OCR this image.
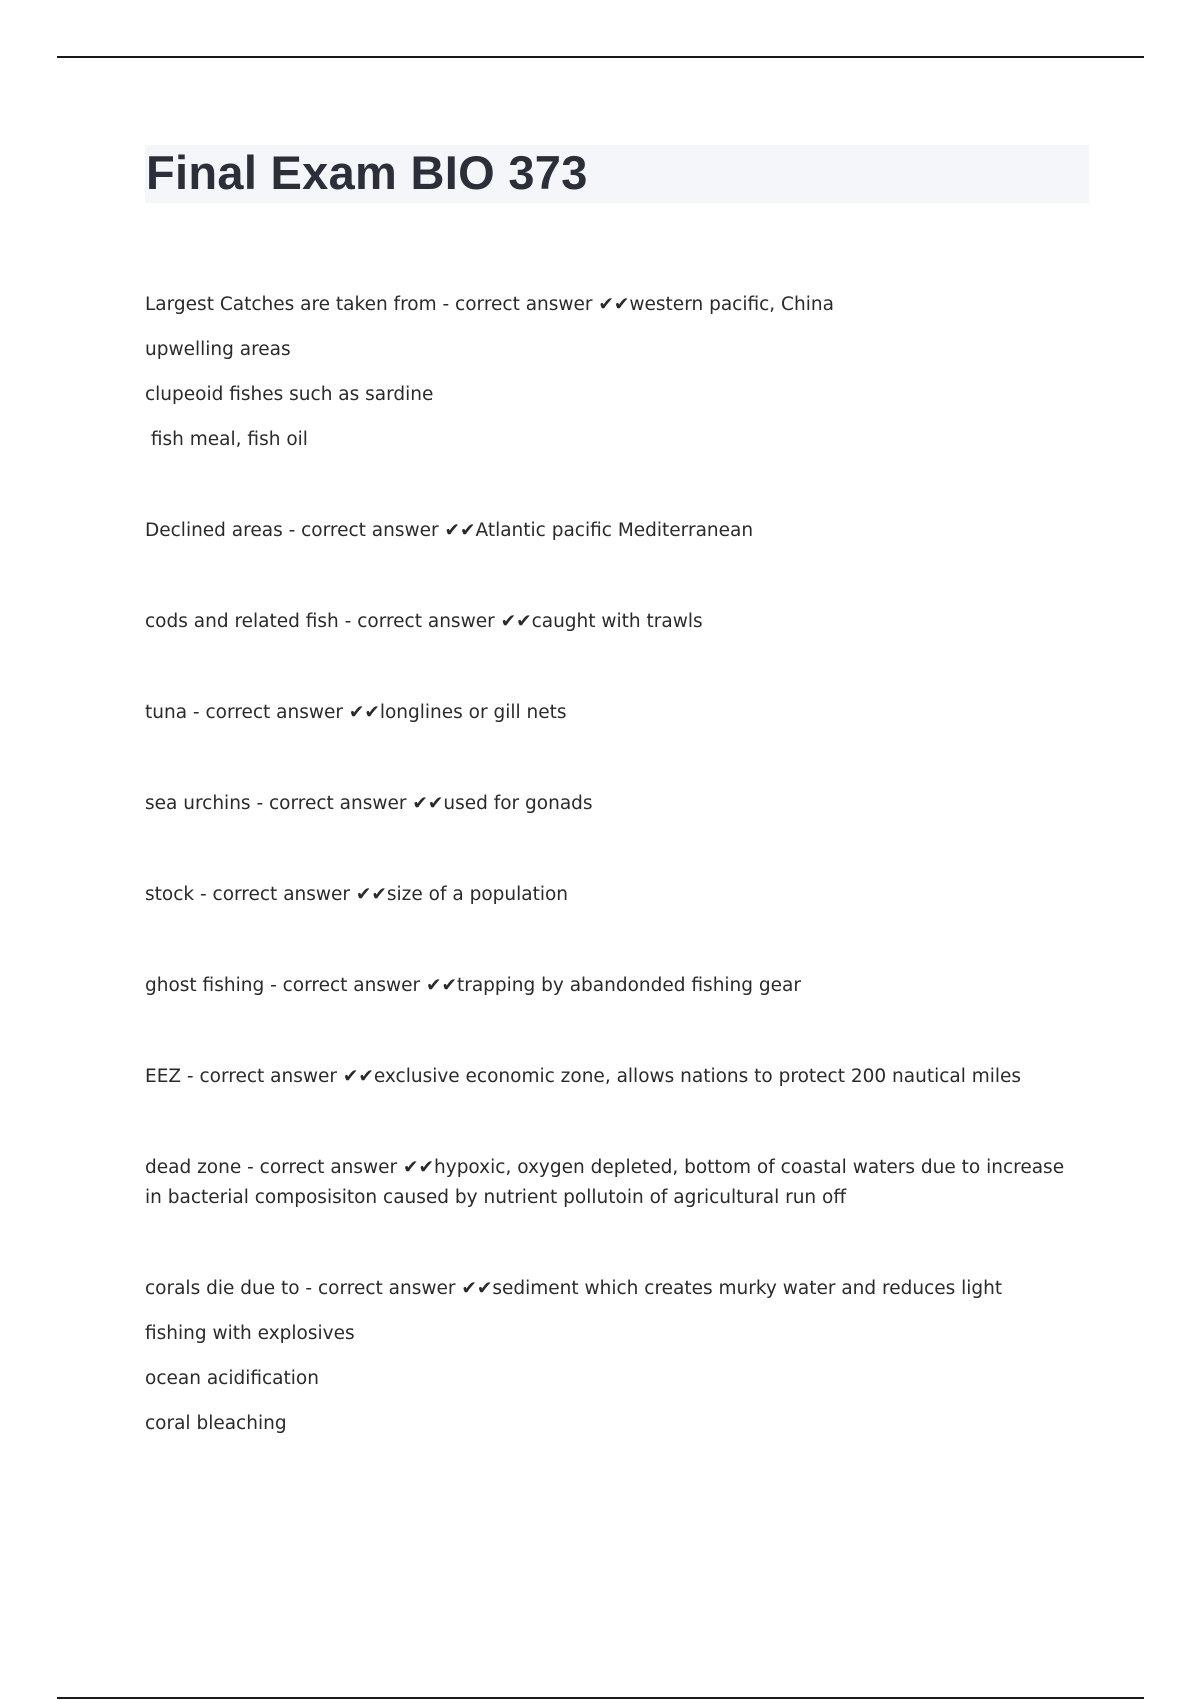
Final Exam BIO 373
Largest Catches are taken from - correct answer ✔✔western pacific, China
upwelling areas
clupeoid fishes such as sardine
fish meal, fish oil
Declined areas - correct answer ✔✔Atlantic pacific Mediterranean
cods and related fish - correct answer ✔✔caught with trawls
tuna - correct answer ✔✔longlines or gill nets
sea urchins - correct answer ✔✔used for gonads
stock - correct answer ✔✔size of a population
ghost fishing - correct answer ✔✔trapping by abandonded fishing gear
EEZ - correct answer ✔✔exclusive economic zone, allows nations to protect 200 nautical miles
dead zone - correct answer ✔✔hypoxic, oxygen depleted, bottom of coastal waters due to increase in bacterial composisiton caused by nutrient pollutoin of agricultural run off
corals die due to - correct answer ✔✔sediment which creates murky water and reduces light
fishing with explosives
ocean acidification
coral bleaching
